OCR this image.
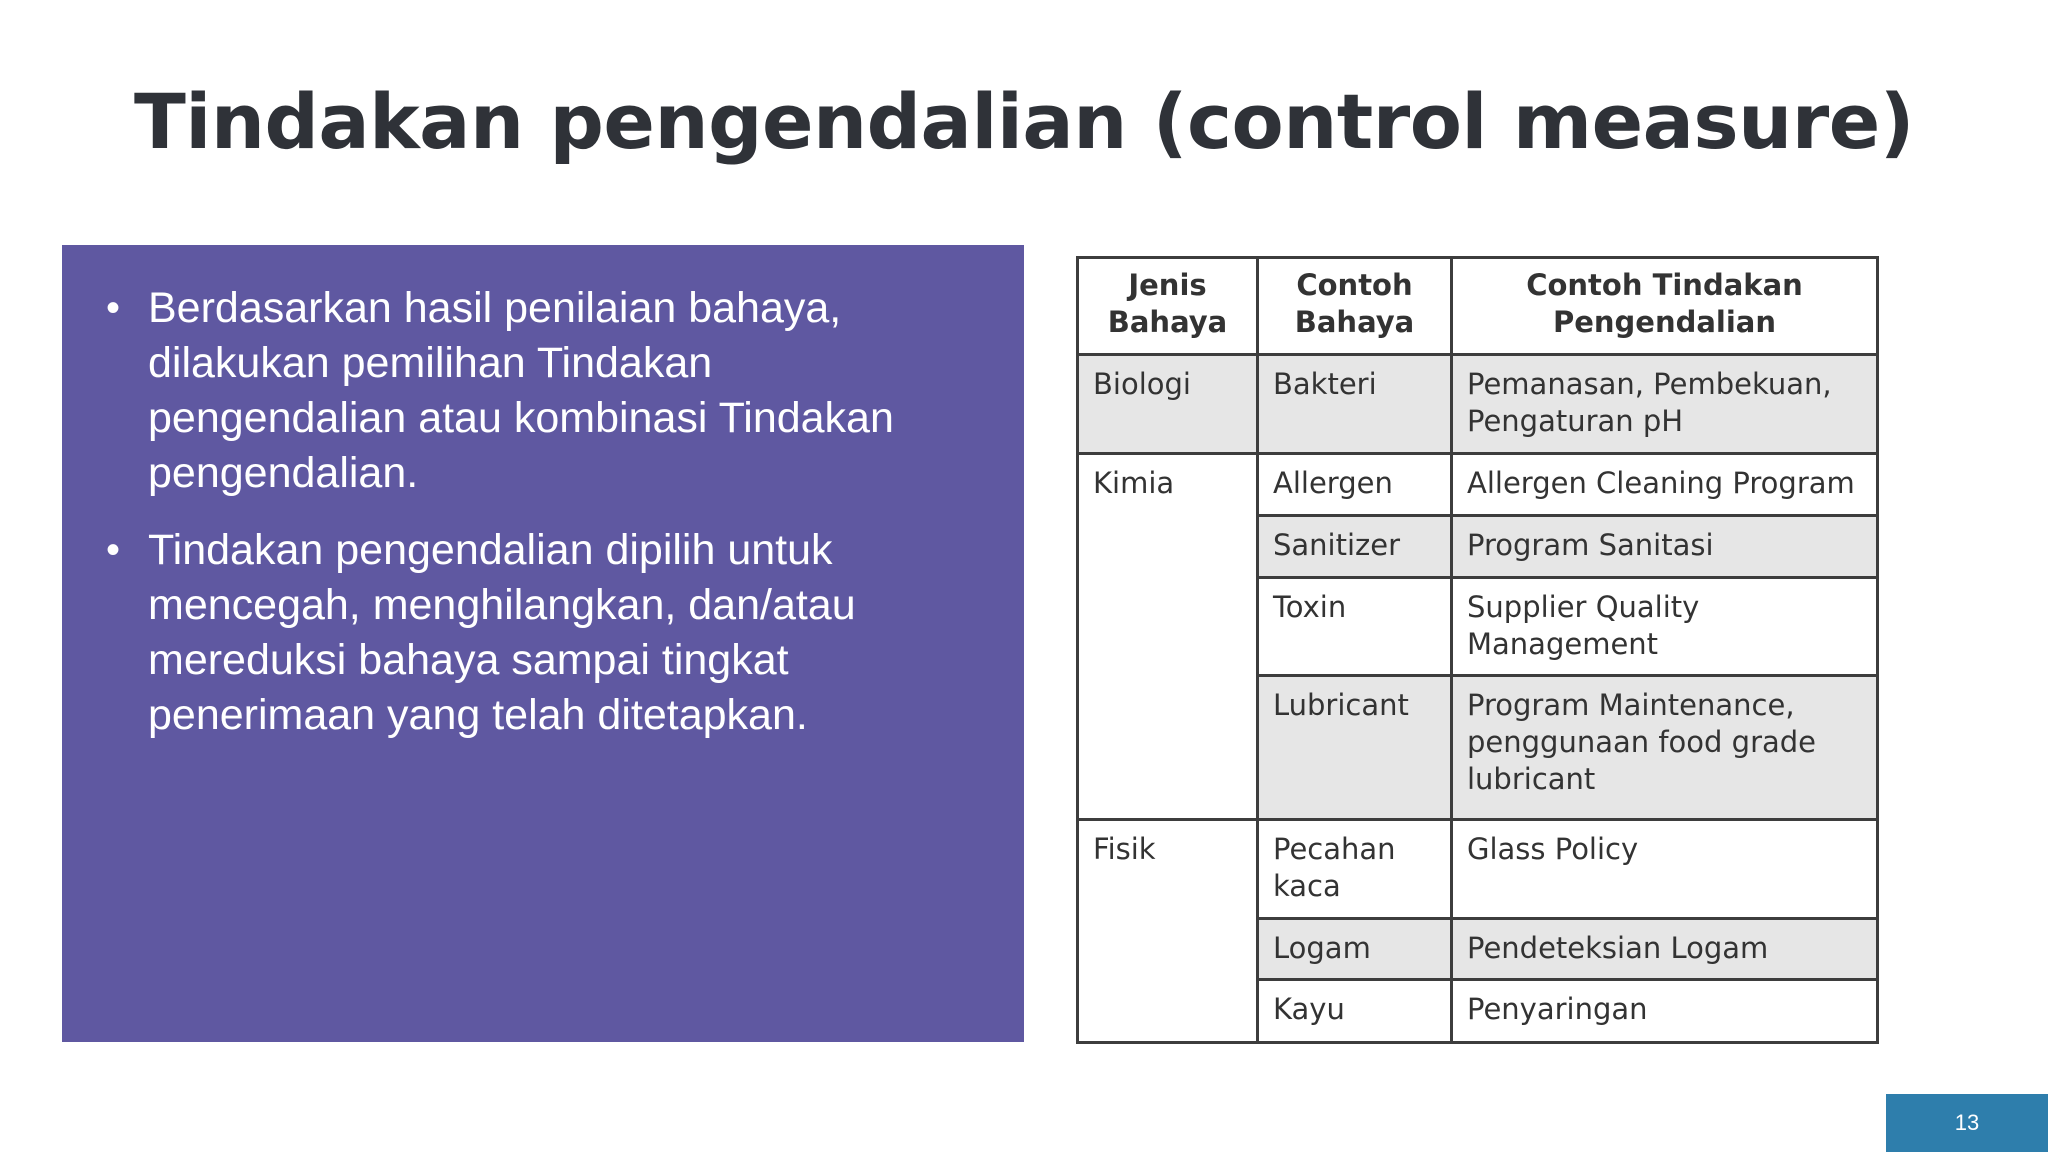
Tindakan pengendalian (control measure)
• Berdasarkan hasil penilaian bahaya, dilakukan pemilihan Tindakan pengendalian atau kombinasi Tindakan pengendalian.
• Tindakan pengendalian dipilih untuk mencegah, menghilangkan, dan/atau mereduksi bahaya sampai tingkat penerimaan yang telah ditetapkan.
Jenis Bahaya	Contoh Bahaya	Contoh Tindakan Pengendalian
Biologi	Bakteri	Pemanasan, Pembekuan, Pengaturan pH
Kimia	Allergen	Allergen Cleaning Program
	Sanitizer	Program Sanitasi
	Toxin	Supplier Quality Management
	Lubricant	Program Maintenance, penggunaan food grade lubricant
Fisik	Pecahan kaca	Glass Policy
	Logam	Pendeteksian Logam
	Kayu	Penyaringan
13
